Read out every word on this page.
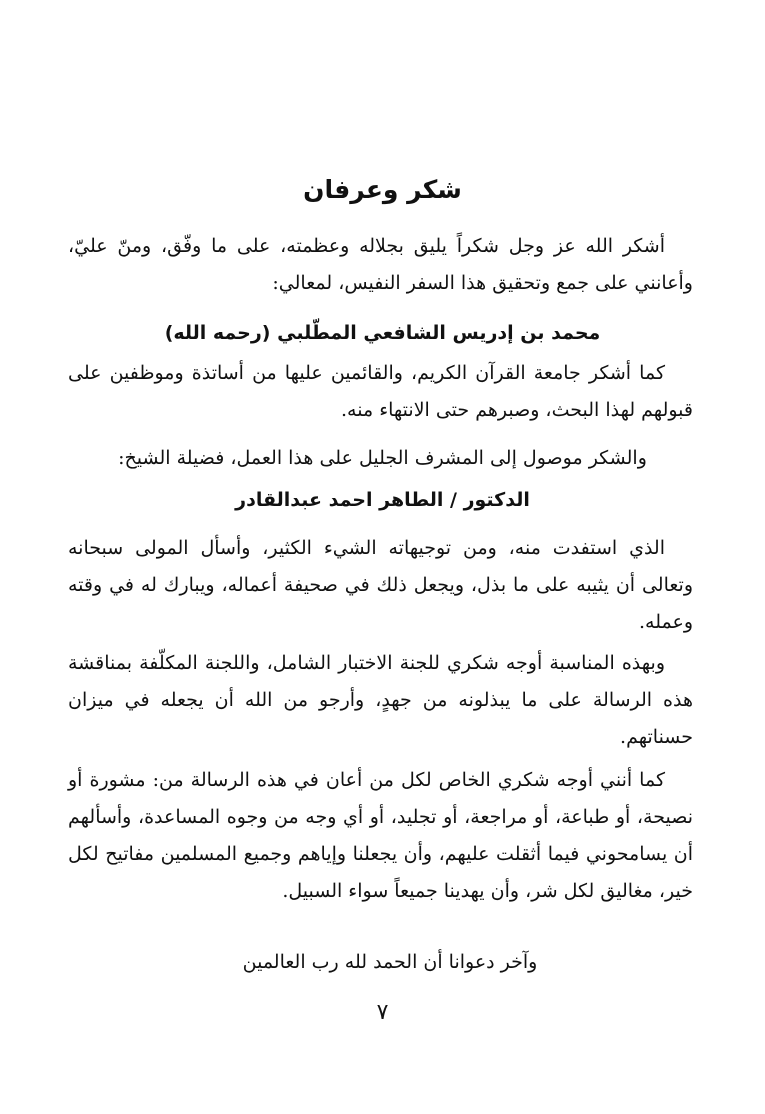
شكر وعرفان

أشكر الله عز وجل شكراً يليق بجلاله وعظمته، على ما وفّق، ومنّ عليّ، وأعانني على جمع وتحقيق هذا السفر النفيس، لمعالي:

محمد بن إدريس الشافعي المطّلبي (رحمه الله)

كما أشكر جامعة القرآن الكريم، والقائمين عليها من أساتذة وموظفين على قبولهم لهذا البحث، وصبرهم حتى الانتهاء منه.

والشكر موصول إلى المشرف الجليل على هذا العمل، فضيلة الشيخ:

الدكتور / الطاهر احمد عبدالقادر

الذي استفدت منه، ومن توجيهاته الشيء الكثير، وأسأل المولى سبحانه وتعالى أن يثيبه على ما بذل، ويجعل ذلك في صحيفة أعماله، ويبارك له في وقته وعمله.

وبهذه المناسبة أوجه شكري للجنة الاختبار الشامل، واللجنة المكلّفة بمناقشة هذه الرسالة على ما يبذلونه من جهدٍ، وأرجو من الله أن يجعله في ميزان حسناتهم.

كما أنني أوجه شكري الخاص لكل من أعان في هذه الرسالة من: مشورة أو نصيحة، أو طباعة، أو مراجعة، أو تجليد، أو أي وجه من وجوه المساعدة، وأسألهم أن يسامحوني فيما أثقلت عليهم، وأن يجعلنا وإياهم وجميع المسلمين مفاتيح لكل خير، مغاليق لكل شر، وأن يهدينا جميعاً سواء السبيل.

وآخر دعوانا أن الحمد لله رب العالمين

٧
